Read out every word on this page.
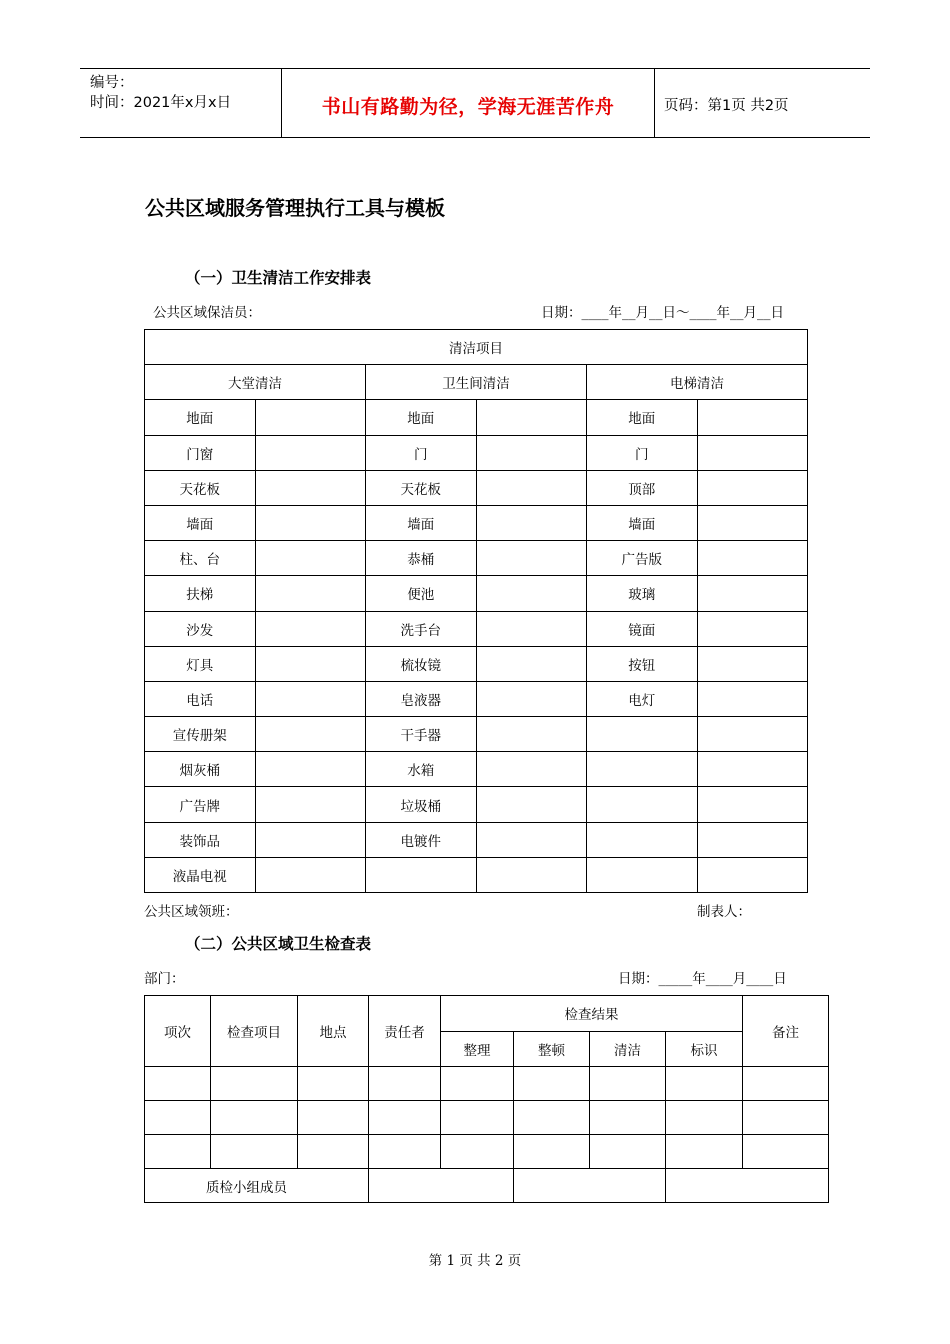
编号：
时间：2021年x月x日	书山有路勤为径，学海无涯苦作舟	页码：第1页 共2页
公共区域服务管理执行工具与模板
（一）卫生清洁工作安排表
公共区域保洁员：	日期：____年__月__日～____年__月__日
清洁项目					
大堂清洁		卫生间清洁		电梯清洁	
地面		地面		地面	
门窗		门		门	
天花板		天花板		顶部	
墙面		墙面		墙面	
柱、台		恭桶		广告版	
扶梯		便池		玻璃	
沙发		洗手台		镜面	
灯具		梳妆镜		按钮	
电话		皂液器		电灯	
宣传册架		干手器			
烟灰桶		水箱			
广告牌		垃圾桶			
装饰品		电镀件			
液晶电视					
公共区域领班：	制表人：
（二）公共区域卫生检查表
部门：	日期：_____年____月____日
项次	检查项目	地点	责任者	检查结果				备注
				整理	整顿	清洁	标识	

质检小组成员								
第 1 页 共 2 页
